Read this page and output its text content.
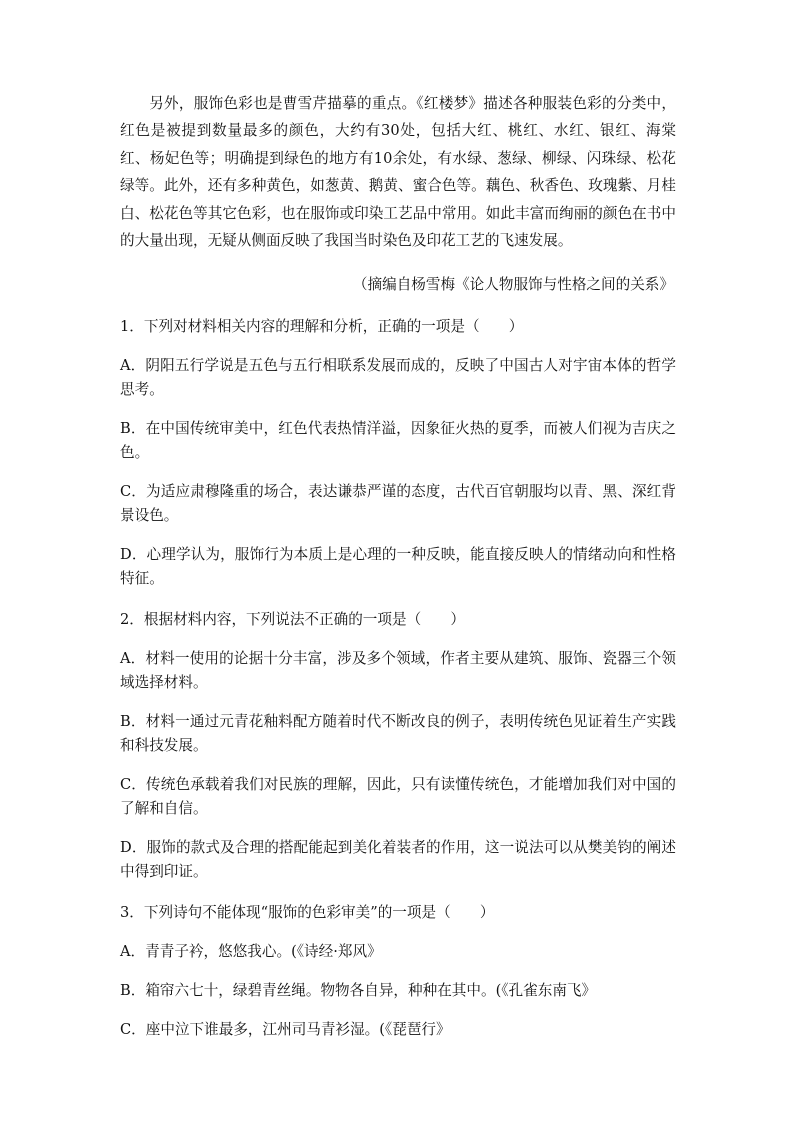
另外，服饰色彩也是曹雪芹描摹的重点。《红楼梦》描述各种服装色彩的分类中，红色是被提到数量最多的颜色，大约有30处，包括大红、桃红、水红、银红、海棠红、杨妃色等；明确提到绿色的地方有10余处，有水绿、葱绿、柳绿、闪珠绿、松花绿等。此外，还有多种黄色，如葱黄、鹅黄、蜜合色等。藕色、秋香色、玫瑰紫、月桂白、松花色等其它色彩，也在服饰或印染工艺品中常用。如此丰富而绚丽的颜色在书中的大量出现，无疑从侧面反映了我国当时染色及印花工艺的飞速发展。

（摘编自杨雪梅《论人物服饰与性格之间的关系》
1．下列对材料相关内容的理解和分析，正确的一项是（　　）
A．阴阳五行学说是五色与五行相联系发展而成的，反映了中国古人对宇宙本体的哲学思考。
B．在中国传统审美中，红色代表热情洋溢，因象征火热的夏季，而被人们视为吉庆之色。
C．为适应肃穆隆重的场合，表达谦恭严谨的态度，古代百官朝服均以青、黑、深红背景设色。
D．心理学认为，服饰行为本质上是心理的一种反映，能直接反映人的情绪动向和性格特征。
2．根据材料内容，下列说法不正确的一项是（　　）
A．材料一使用的论据十分丰富，涉及多个领域，作者主要从建筑、服饰、瓷器三个领域选择材料。
B．材料一通过元青花釉料配方随着时代不断改良的例子，表明传统色见证着生产实践和科技发展。
C．传统色承载着我们对民族的理解，因此，只有读懂传统色，才能增加我们对中国的了解和自信。
D．服饰的款式及合理的搭配能起到美化着装者的作用，这一说法可以从樊美钧的阐述中得到印证。
3．下列诗句不能体现“服饰的色彩审美”的一项是（　　）
A．青青子衿，悠悠我心。(《诗经·郑风》
B．箱帘六七十，绿碧青丝绳。物物各自异，种种在其中。(《孔雀东南飞》
C．座中泣下谁最多，江州司马青衫湿。(《琵琶行》
